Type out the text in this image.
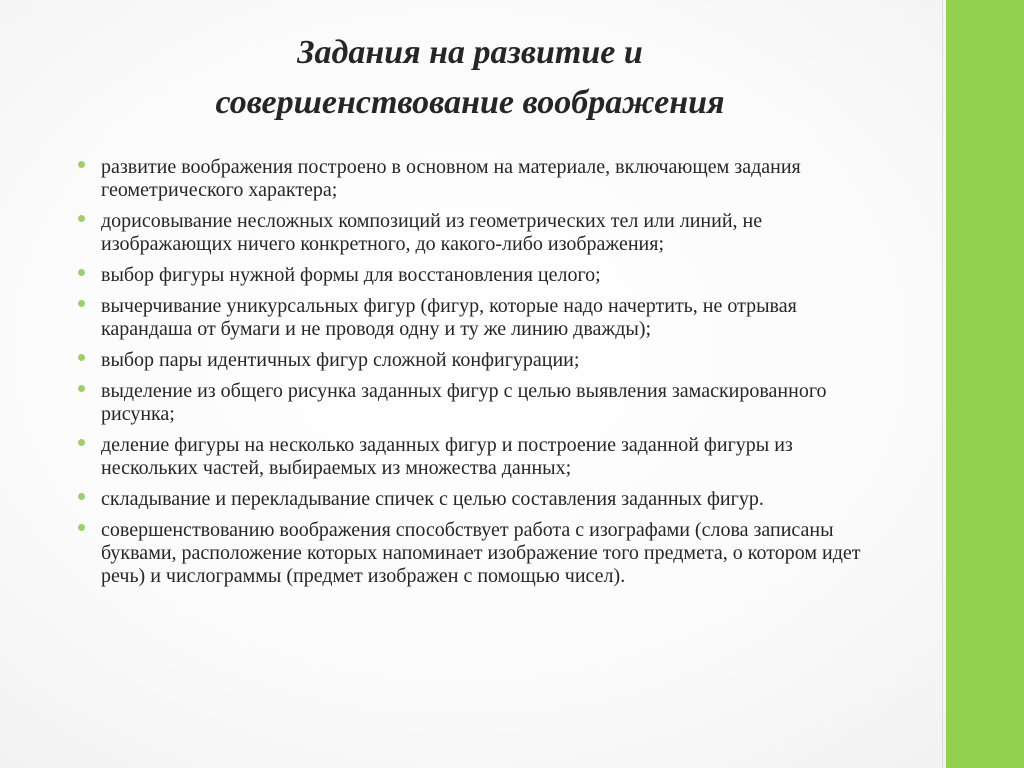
Задания на развитие и
совершенствование воображения
развитие воображения построено в основном на материале, включающем задания геометрического характера;
дорисовывание несложных композиций из геометрических тел или линий, не изображающих ничего конкретного, до какого-либо изображения;
выбор фигуры нужной формы для восстановления целого;
вычерчивание уникурсальных фигур (фигур, которые надо начертить, не отрывая карандаша от бумаги и не проводя одну и ту же линию дважды);
выбор пары идентичных фигур сложной конфигурации;
выделение из общего рисунка заданных фигур с целью выявления замаскированного рисунка;
деление фигуры на несколько заданных фигур и построение заданной фигуры из нескольких частей, выбираемых из множества данных;
складывание и перекладывание спичек с целью составления заданных фигур.
совершенствованию воображения способствует работа с изографами (слова записаны буквами, расположение которых напоминает изображение того предмета, о котором идет речь) и числограммы (предмет изображен с помощью чисел).
